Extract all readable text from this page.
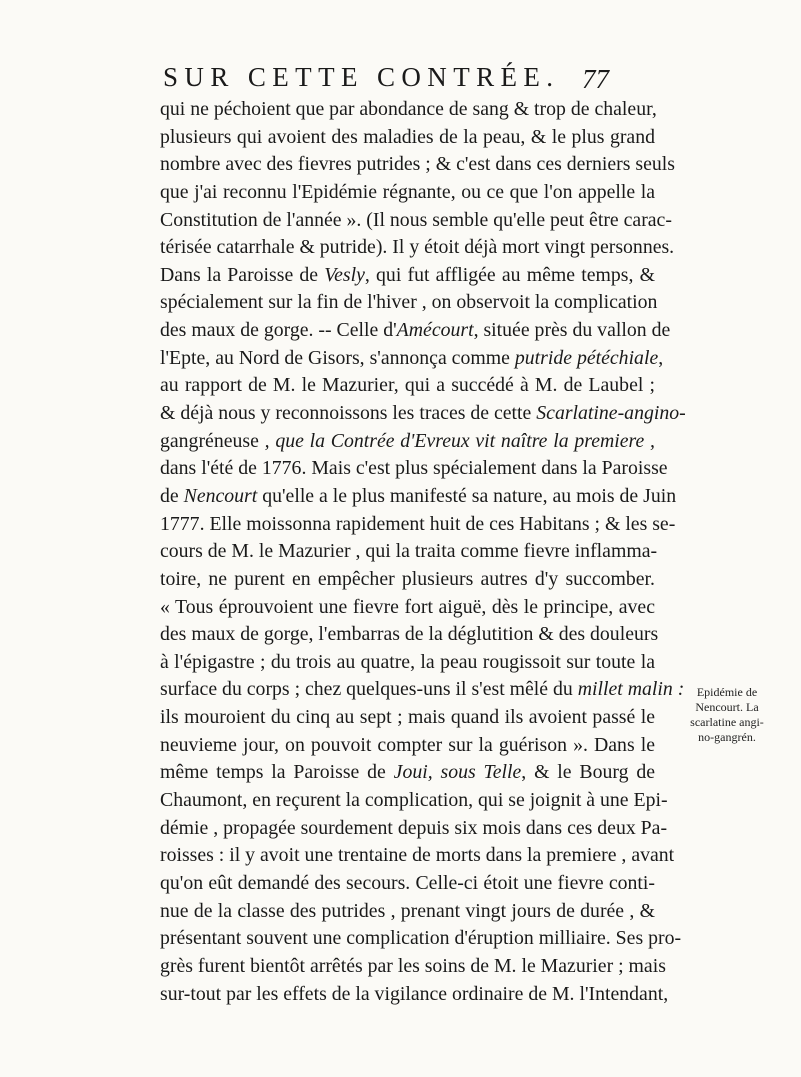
SUR CETTE CONTRÉE. 77
qui ne péchoient que par abondance de sang & trop de chaleur,
plusieurs qui avoient des maladies de la peau, & le plus grand
nombre avec des fievres putrides ; & c'est dans ces derniers seuls
que j'ai reconnu l'Epidémie régnante, ou ce que l'on appelle la
Constitution de l'année ». (Il nous semble qu'elle peut être carac-
térisée catarrhale & putride). Il y étoit déjà mort vingt personnes.
Dans la Paroisse de Vesly, qui fut affligée au même temps, &
spécialement sur la fin de l'hiver , on observoit la complication
des maux de gorge. -- Celle d'Amécourt, située près du vallon de
l'Epte, au Nord de Gisors, s'annonça comme putride pétéchiale,
au rapport de M. le Mazurier, qui a succédé à M. de Laubel ;
& déjà nous y reconnoissons les traces de cette Scarlatine-angino-
gangréneuse , que la Contrée d'Evreux vit naître la premiere ,
dans l'été de 1776. Mais c'est plus spécialement dans la Paroisse
de Nencourt qu'elle a le plus manifesté sa nature, au mois de Juin
1777. Elle moissonna rapidement huit de ces Habitans ; & les se-
cours de M. le Mazurier , qui la traita comme fievre inflamma-
toire, ne purent en empêcher plusieurs autres d'y succomber.
« Tous éprouvoient une fievre fort aiguë, dès le principe, avec
des maux de gorge, l'embarras de la déglutition & des douleurs
à l'épigastre ; du trois au quatre, la peau rougissoit sur toute la
surface du corps ; chez quelques-uns il s'est mêlé du millet malin :
ils mouroient du cinq au sept ; mais quand ils avoient passé le
neuvieme jour, on pouvoit compter sur la guérison ». Dans le
même temps la Paroisse de Joui, sous Telle, & le Bourg de
Chaumont, en reçurent la complication, qui se joignit à une Epi-
démie , propagée sourdement depuis six mois dans ces deux Pa-
roisses : il y avoit une trentaine de morts dans la premiere , avant
qu'on eût demandé des secours. Celle-ci étoit une fievre conti-
nue de la classe des putrides , prenant vingt jours de durée , &
présentant souvent une complication d'éruption milliaire. Ses pro-
grès furent bientôt arrêtés par les soins de M. le Mazurier ; mais
sur-tout par les effets de la vigilance ordinaire de M. l'Intendant,
Epidémie de
Nencourt. La
scarlatine angi-
no-gangrén.
